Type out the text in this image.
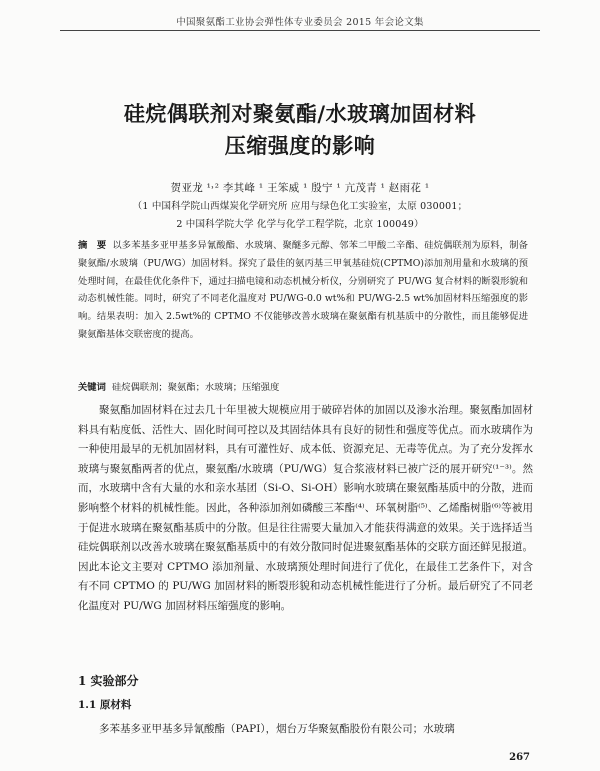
中国聚氨酯工业协会弹性体专业委员会 2015 年会论文集
硅烷偶联剂对聚氨酯/水玻璃加固材料
压缩强度的影响
贺亚龙 ¹˒² 李其峰 ¹ 王笨威 ¹ 殷宁 ¹ 亢茂青 ¹ 赵雨花 ¹
（1 中国科学院山西煤炭化学研究所 应用与绿色化工实验室，太原 030001；
2 中国科学院大学 化学与化学工程学院，北京 100049）
摘　要 以多苯基多亚甲基多异氰酸酯、水玻璃、聚醚多元醇、邻苯二甲酸二辛酯、硅烷偶联剂为原料，制备聚氨酯/水玻璃（PU/WG）加固材料。探究了最佳的氨丙基三甲氧基硅烷(CPTMO)添加剂用量和水玻璃的预处理时间，在最佳优化条件下，通过扫描电镜和动态机械分析仪，分别研究了 PU/WG 复合材料的断裂形貌和动态机械性能。同时，研究了不同老化温度对 PU/WG-0.0 wt%和 PU/WG-2.5 wt%加固材料压缩强度的影响。结果表明：加入 2.5wt%的 CPTMO 不仅能够改善水玻璃在聚氨酯有机基质中的分散性，而且能够促进聚氨酯基体交联密度的提高。
关键词 硅烷偶联剂；聚氨酯；水玻璃；压缩强度

聚氨酯加固材料在过去几十年里被大规模应用于破碎岩体的加固以及渗水治理。聚氨酯加固材料具有粘度低、活性大、固化时间可控以及其固结体具有良好的韧性和强度等优点。而水玻璃作为一种使用最早的无机加固材料，具有可灌性好、成本低、资源充足、无毒等优点。为了充分发挥水玻璃与聚氨酯两者的优点，聚氨酯/水玻璃（PU/WG）复合浆液材料已被广泛的展开研究⁽¹⁻³⁾。然而，水玻璃中含有大量的水和亲水基团（Si-O、Si-OH）影响水玻璃在聚氨酯基质中的分散，进而影响整个材料的机械性能。因此，各种添加剂如磷酸三苯酯⁽⁴⁾、环氧树脂⁽⁵⁾、乙烯酯树脂⁽⁶⁾等被用于促进水玻璃在聚氨酯基质中的分散。但是往往需要大量加入才能获得满意的效果。关于选择适当硅烷偶联剂以改善水玻璃在聚氨酯基质中的有效分散同时促进聚氨酯基体的交联方面还鲜见报道。因此本论文主要对 CPTMO 添加剂量、水玻璃预处理时间进行了优化，在最佳工艺条件下，对含有不同 CPTMO 的 PU/WG 加固材料的断裂形貌和动态机械性能进行了分析。最后研究了不同老化温度对 PU/WG 加固材料压缩强度的影响。

1 实验部分
1.1 原材料
多苯基多亚甲基多异氰酸酯（PAPI），烟台万华聚氨酯股份有限公司；水玻璃
267
